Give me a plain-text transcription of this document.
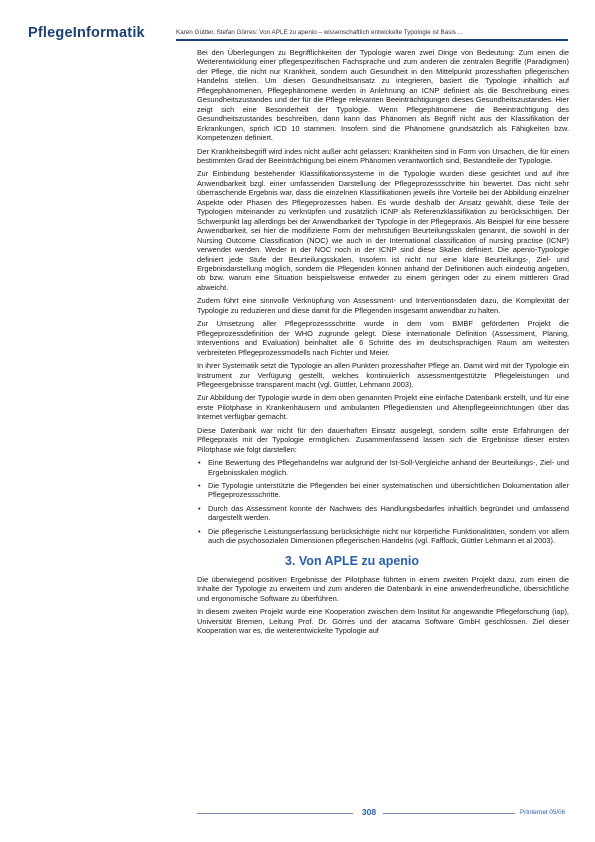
PflegeInformatik	Karen Güttler, Stefan Görres: Von APLE zu apenio – wissenschaftlich entwickelte Typologie ist Basis ...

Bei den Überlegungen zu Begrifflichkeiten der Typologie waren zwei Dinge von Bedeutung: Zum einen die Weiterentwicklung einer pflegespezifischen Fachsprache und zum anderen die zentralen Begriffe (Paradigmen) der Pflege, die nicht nur Krankheit, sondern auch Gesundheit in den Mittelpunkt prozesshaften pflegerischen Handelns stellen. Um diesen Gesundheitsansatz zu integrieren, basiert die Typologie inhaltlich auf Pflegephänomenen. Pflegephänomene werden in Anlehnung an ICNP definiert als die Beschreibung eines Gesundheitszustandes und der für die Pflege relevanten Beeinträchtigungen dieses Gesundheitszustandes. Hier zeigt sich eine Besonderheit der Typologie. Wenn Pflegephänomene die Beeinträchtigung des Gesundheitszustandes beschreiben, dann kann das Phänomen als Begriff nicht aus der Klassifikation der Erkrankungen, sprich ICD 10 stammen. Insofern sind die Phänomene grundsätzlich als Fähigkeiten bzw. Kompetenzen definiert.

Der Krankheitsbegriff wird indes nicht außer acht gelassen: Krankheiten sind in Form von Ursachen, die für einen bestimmten Grad der Beeinträchtigung bei einem Phänomen verantwortlich sind, Bestandteile der Typologie.

Zur Einbindung bestehender Klassifikationssysteme in die Typologie wurden diese gesichtet und auf ihre Anwendbarkeit bzgl. einer umfassenden Darstellung der Pflegeprozessschritte hin bewertet. Das nicht sehr überraschende Ergebnis war, dass die einzelnen Klassifikationen jeweils ihre Vorteile bei der Abbildung einzelner Aspekte oder Phasen des Pflegeprozesses haben. Es wurde deshalb der Ansatz gewählt, diese Teile der Typologien miteinander zu verknüpfen und zusätzlich ICNP als Referenzklassifikation zu berücksichtigen. Der Schwerpunkt lag allerdings bei der Anwendbarkeit der Typologie in der Pflegepraxis. Als Beispiel für eine bessere Anwendbarkeit, sei hier die modifizierte Form der mehrstufigen Beurteilungsskalen genannt, die sowohl in der Nursing Outcome Classification (NOC) wie auch in der International classification of nursing practise (ICNP) verwendet werden. Weder in der NOC noch in der ICNP sind diese Skalen definiert. Die apenio-Typologie definiert jede Stufe der Beurteilungsskalen. Insofern ist nicht nur eine klare Beurteilungs-, Ziel- und Ergebnisdarstellung möglich, sondern die Pflegenden können anhand der Definitionen auch eindeutig angeben, ob bzw. warum eine Situation beispielsweise entweder zu einem geringen oder zu einem mittleren Grad abweicht.

Zudem führt eine sinnvolle Verknüpfung von Assessment- und Interventionsdaten dazu, die Komplexität der Typologie zu reduzieren und diese damit für die Pflegenden insgesamt anwendbar zu halten.

Zur Umsetzung aller Pflegeprozessschritte wurde in dem vom BMBF geförderten Projekt die Pflegeprozessdefinition der WHO zugrunde gelegt. Diese internationale Definition (Assessment, Planing, Interventions and Evaluation) beinhaltet alle 6 Schritte des im deutschsprachigen Raum am weitesten verbreiteten Pflegeprozessmodells nach Fichter und Meier.

In ihrer Systematik setzt die Typologie an allen Punkten prozesshafter Pflege an. Damit wird mit der Typologie ein Instrument zur Verfügung gestellt, welches kontinuierlich assessmentgestützte Pflegeleistungen und Pflegeergebnisse transparent macht (vgl. Güttler, Lehmann 2003).

Zur Abbildung der Typologie wurde in dem oben genannten Projekt eine einfache Datenbank erstellt, und für eine erste Pilotphase in Krankenhäusern und ambulanten Pflegediensten und Altenpflegeeinrichtungen über das Internet verfügbar gemacht.

Diese Datenbank war nicht für den dauerhaften Einsatz ausgelegt, sondern sollte erste Erfahrungen der Pflegepraxis mit der Typologie ermöglichen. Zusammenfassend lassen sich die Ergebnisse dieser ersten Pilotphase wie folgt darstellen:

• Eine Bewertung des Pflegehandelns war aufgrund der Ist-Soll-Vergleiche anhand der Beurteilungs-, Ziel- und Ergebnisskalen möglich.
• Die Typologie unterstützte die Pflegenden bei einer systematischen und übersichtlichen Dokumentation aller Pflegeprozessschritte.
• Durch das Assessment konnte der Nachweis des Handlungsbedarfes inhaltlich begründet und umfassend dargestellt werden.
• Die pflegerische Leistungserfassung berücksichtigte nicht nur körperliche Funktionalitäten, sondern vor allem auch die psychosozialen Dimensionen pflegerischen Handelns (vgl. Fafflock, Güttler Lehmann et al 2003).
3. Von APLE zu apenio

Die überwiegend positiven Ergebnisse der Pilotphase führten in einem zweiten Projekt dazu, zum einen die Inhalte der Typologie zu erweitern und zum anderen die Datenbank in eine anwenderfreundliche, übersichtliche und ergonomische Software zu überführen.

In diesem zweiten Projekt wurde eine Kooperation zwischen dem Institut für angewandte Pflegeforschung (iap), Universität Bremen, Leitung Prof. Dr. Görres und der atacama Software GmbH geschlossen. Ziel dieser Kooperation war es, die weiterentwickelte Typologie auf

308	PrInternet 05/06
